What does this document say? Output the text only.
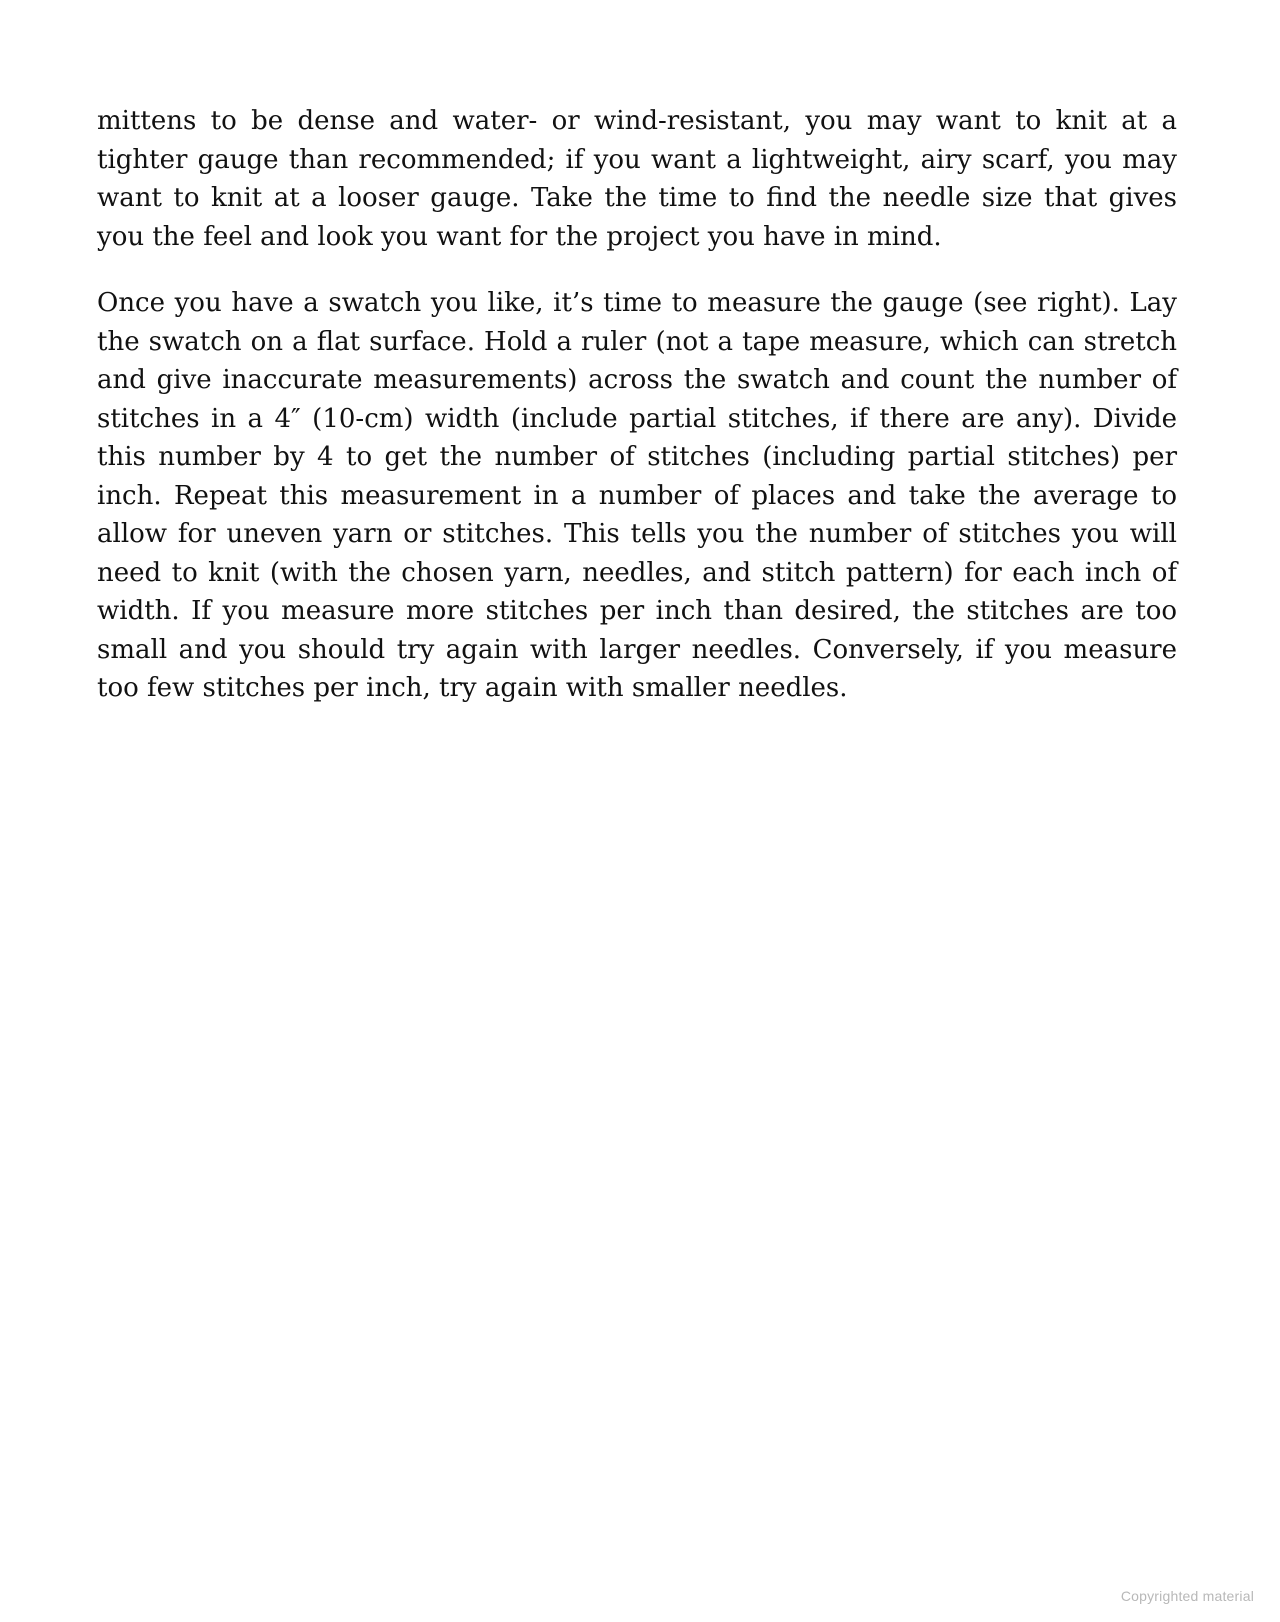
mittens to be dense and water- or wind-resistant, you may want to knit at a tighter gauge than recommended; if you want a lightweight, airy scarf, you may want to knit at a looser gauge. Take the time to find the needle size that gives you the feel and look you want for the project you have in mind.

Once you have a swatch you like, it’s time to measure the gauge (see right). Lay the swatch on a flat surface. Hold a ruler (not a tape measure, which can stretch and give inaccurate measurements) across the swatch and count the number of stitches in a 4″ (10-cm) width (include partial stitches, if there are any). Divide this number by 4 to get the number of stitches (including partial stitches) per inch. Repeat this measurement in a number of places and take the average to allow for uneven yarn or stitches. This tells you the number of stitches you will need to knit (with the chosen yarn, needles, and stitch pattern) for each inch of width. If you measure more stitches per inch than desired, the stitches are too small and you should try again with larger needles. Conversely, if you measure too few stitches per inch, try again with smaller needles.

Copyrighted material
